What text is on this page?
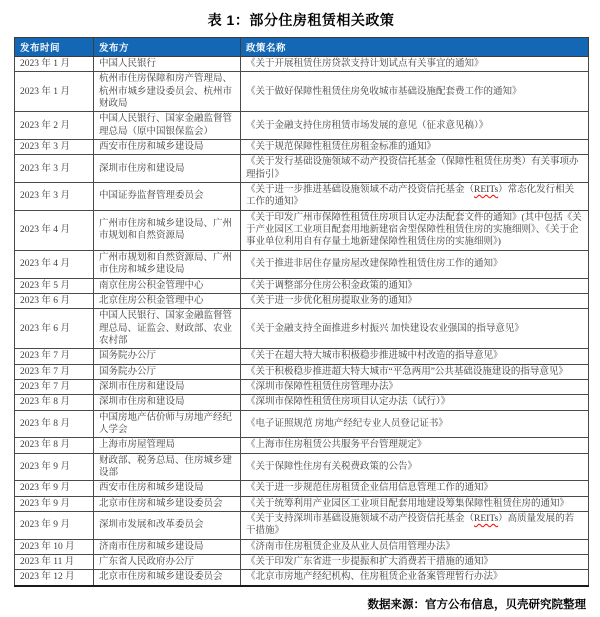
表 1：部分住房租赁相关政策
发布时间	发布方	政策名称
2023 年 1 月	中国人民银行	《关于开展租赁住房贷款支持计划试点有关事宜的通知》
2023 年 1 月	杭州市住房保障和房产管理局、杭州市城乡建设委员会、杭州市财政局	《关于做好保障性租赁住房免收城市基础设施配套费工作的通知》
2023 年 2 月	中国人民银行、国家金融监督管理总局（原中国银保监会）	《关于金融支持住房租赁市场发展的意见（征求意见稿）》
2023 年 3 月	西安市住房和城乡建设局	《关于规范保障性租赁住房租金标准的通知》
2023 年 3 月	深圳市住房和建设局	《关于发行基础设施领域不动产投资信托基金（保障性租赁住房类）有关事项办理指引》
2023 年 3 月	中国证券监督管理委员会	《关于进一步推进基础设施领域不动产投资信托基金（REITs）常态化发行相关工作的通知》
2023 年 4 月	广州市住房和城乡建设局、广州市规划和自然资源局	《关于印发广州市保障性租赁住房项目认定办法配套文件的通知》(其中包括《关于产业园区工业项目配套用地新建宿舍型保障性租赁住房的实施细则》、《关于企事业单位利用自有存量土地新建保障性租赁住房的实施细则》)
2023 年 4 月	广州市规划和自然资源局、广州市住房和城乡建设局	《关于推进非居住存量房屋改建保障性租赁住房工作的通知》
2023 年 5 月	南京住房公积金管理中心	《关于调整部分住房公积金政策的通知》
2023 年 6 月	北京住房公积金管理中心	《关于进一步优化租房提取业务的通知》
2023 年 6 月	中国人民银行、国家金融监督管理总局、证监会、财政部、农业农村部	《关于金融支持全面推进乡村振兴 加快建设农业强国的指导意见》
2023 年 7 月	国务院办公厅	《关于在超大特大城市积极稳步推进城中村改造的指导意见》
2023 年 7 月	国务院办公厅	《关于积极稳步推进超大特大城市“平急两用”公共基础设施建设的指导意见》
2023 年 7 月	深圳市住房和建设局	《深圳市保障性租赁住房管理办法》
2023 年 8 月	深圳市住房和建设局	《深圳市保障性租赁住房项目认定办法（试行）》
2023 年 8 月	中国房地产估价师与房地产经纪人学会	《电子证照规范 房地产经纪专业人员登记证书》
2023 年 8 月	上海市房屋管理局	《上海市住房租赁公共服务平台管理规定》
2023 年 9 月	财政部、税务总局、住房城乡建设部	《关于保障性住房有关税费政策的公告》
2023 年 9 月	西安市住房和城乡建设局	《关于进一步规范住房租赁企业信用信息管理工作的通知》
2023 年 9 月	北京市住房和城乡建设委员会	《关于统筹利用产业园区工业项目配套用地建设筹集保障性租赁住房的通知》
2023 年 9 月	深圳市发展和改革委员会	《关于支持深圳市基础设施领域不动产投资信托基金（REITs）高质量发展的若干措施》
2023 年 10 月	济南市住房和城乡建设局	《济南市住房租赁企业及从业人员信用管理办法》
2023 年 11 月	广东省人民政府办公厅	《关于印发广东省进一步提振和扩大消费若干措施的通知》
2023 年 12 月	北京市住房和城乡建设委员会	《北京市房地产经纪机构、住房租赁企业备案管理暂行办法》
数据来源：官方公布信息，贝壳研究院整理
